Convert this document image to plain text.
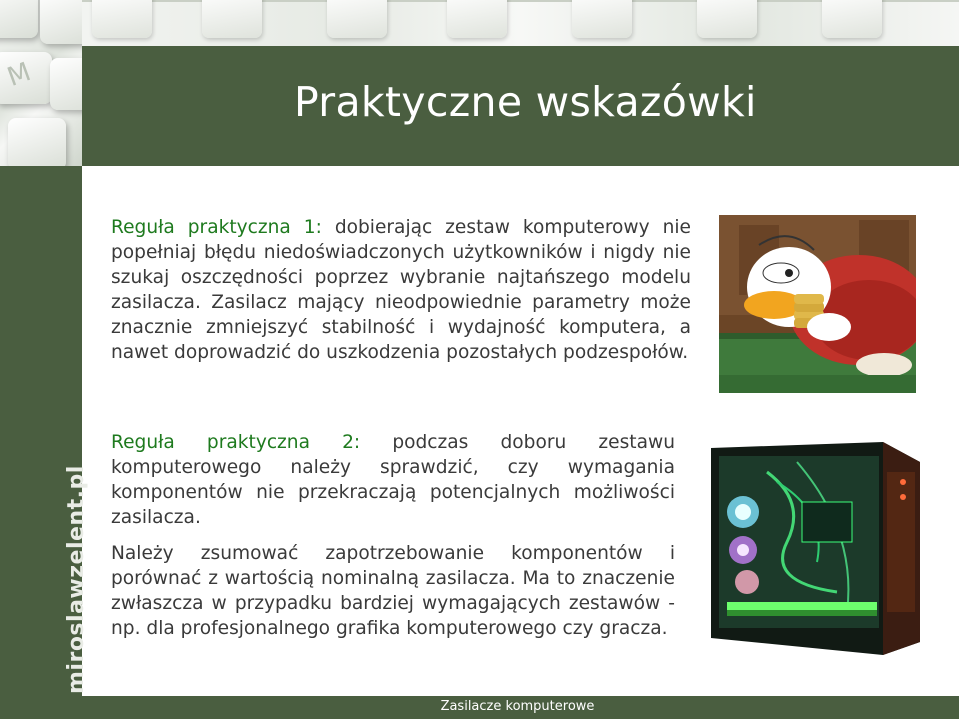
M
Praktyczne wskazówki
miroslawzelent.pl

Reguła praktyczna 1: dobierając zestaw komputerowy nie popełniaj błędu niedoświadczonych użytkowników i nigdy nie szukaj oszczędności poprzez wybranie najtańszego modelu zasilacza. Zasilacz mający nieodpowiednie parametry może znacznie zmniejszyć stabilność i wydajność komputera, a nawet doprowadzić do uszkodzenia pozostałych podzespołów.

Reguła praktyczna 2: podczas doboru zestawu komputerowego należy sprawdzić, czy wymagania komponentów nie przekraczają potencjalnych możliwości zasilacza.

Należy zsumować zapotrzebowanie komponentów i porównać z wartością nominalną zasilacza. Ma to znaczenie zwłaszcza w przypadku bardziej wymagających zestawów - np. dla profesjonalnego grafika komputerowego czy gracza.

Zasilacze komputerowe
